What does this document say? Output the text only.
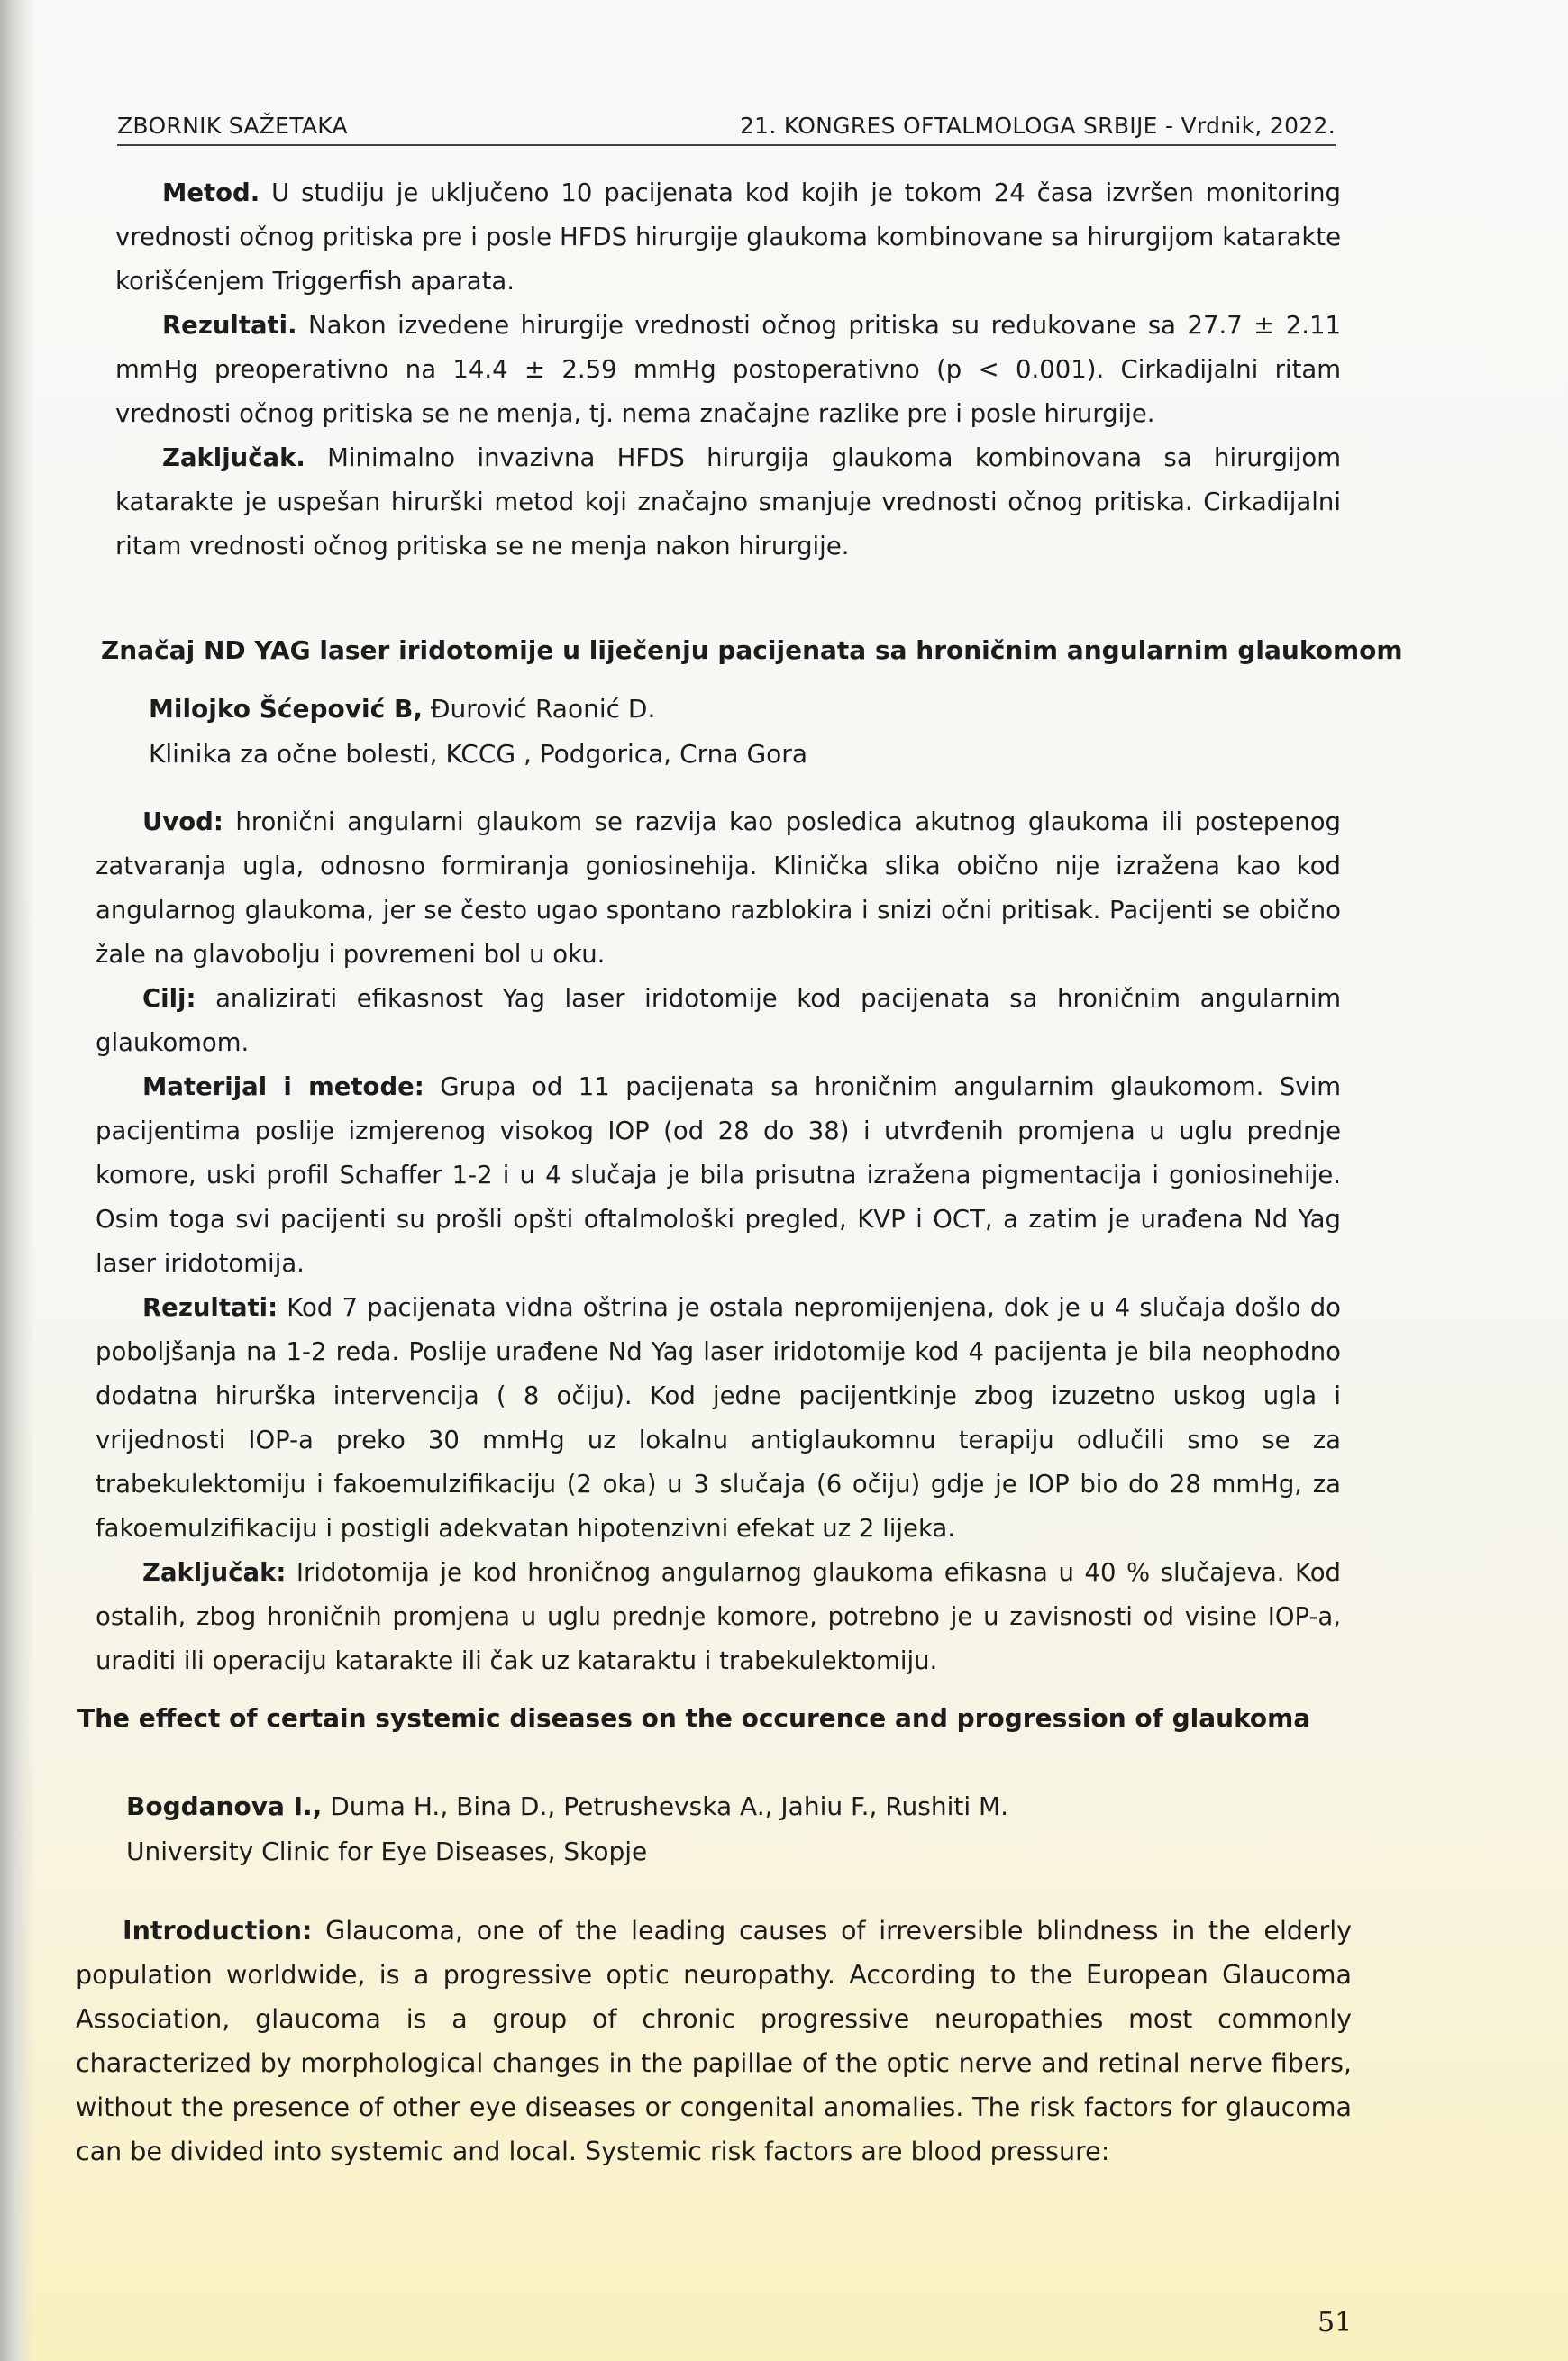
ZBORNIK SAŽETAKA	21. KONGRES OFTALMOLOGA SRBIJE - Vrdnik, 2022.

Metod. U studiju je uključeno 10 pacijenata kod kojih je tokom 24 časa izvršen monitoring vrednosti očnog pritiska pre i posle HFDS hirurgije glaukoma kombinovane sa hirurgijom katarakte korišćenjem Triggerfish aparata.

Rezultati. Nakon izvedene hirurgije vrednosti očnog pritiska su redukovane sa 27.7 ± 2.11 mmHg preoperativno na 14.4 ± 2.59 mmHg postoperativno (p < 0.001). Cirkadijalni ritam vrednosti očnog pritiska se ne menja, tj. nema značajne razlike pre i posle hirurgije.

Zaključak. Minimalno invazivna HFDS hirurgija glaukoma kombinovana sa hirurgijom katarakte je uspešan hirurški metod koji značajno smanjuje vrednosti očnog pritiska. Cirkadijalni ritam vrednosti očnog pritiska se ne menja nakon hirurgije.

Značaj ND YAG laser iridotomije u liječenju pacijenata sa hroničnim angularnim glaukomom
Milojko Šćepović B, Đurović Raonić D.
Klinika za očne bolesti, KCCG , Podgorica, Crna Gora

Uvod: hronični angularni glaukom se razvija kao posledica akutnog glaukoma ili postepenog zatvaranja ugla, odnosno formiranja goniosinehija. Klinička slika obično nije izražena kao kod angularnog glaukoma, jer se često ugao spontano razblokira i snizi očni pritisak. Pacijenti se obično žale na glavobolju i povremeni bol u oku.

Cilj: analizirati efikasnost Yag laser iridotomije kod pacijenata sa hroničnim angularnim glaukomom.

Materijal i metode: Grupa od 11 pacijenata sa hroničnim angularnim glaukomom. Svim pacijentima poslije izmjerenog visokog IOP (od 28 do 38) i utvrđenih promjena u uglu prednje komore, uski profil Schaffer 1-2 i u 4 slučaja je bila prisutna izražena pigmentacija i goniosinehije. Osim toga svi pacijenti su prošli opšti oftalmološki pregled, KVP i OCT, a zatim je urađena Nd Yag laser iridotomija.

Rezultati: Kod 7 pacijenata vidna oštrina je ostala nepromijenjena, dok je u 4 slučaja došlo do poboljšanja na 1-2 reda. Poslije urađene Nd Yag laser iridotomije kod 4 pacijenta je bila neophodno dodatna hirurška intervencija ( 8 očiju). Kod jedne pacijentkinje zbog izuzetno uskog ugla i vrijednosti IOP-a preko 30 mmHg uz lokalnu antiglaukomnu terapiju odlučili smo se za trabekulektomiju i fakoemulzifikaciju (2 oka) u 3 slučaja (6 očiju) gdje je IOP bio do 28 mmHg, za fakoemulzifikaciju i postigli adekvatan hipotenzivni efekat uz 2 lijeka.

Zaključak: Iridotomija je kod hroničnog angularnog glaukoma efikasna u 40 % slučajeva. Kod ostalih, zbog hroničnih promjena u uglu prednje komore, potrebno je u zavisnosti od visine IOP-a, uraditi ili operaciju katarakte ili čak uz kataraktu i trabekulektomiju.

The effect of certain systemic diseases on the occurence and progression of glaukoma
Bogdanova I., Duma H., Bina D., Petrushevska A., Jahiu F., Rushiti M.
University Clinic for Eye Diseases, Skopje

Introduction: Glaucoma, one of the leading causes of irreversible blindness in the elderly population worldwide, is a progressive optic neuropathy. According to the European Glaucoma Association, glaucoma is a group of chronic progressive neuropathies most commonly characterized by morphological changes in the papillae of the optic nerve and retinal nerve fibers, without the presence of other eye diseases or congenital anomalies. The risk factors for glaucoma can be divided into systemic and local. Systemic risk factors are blood pressure:

51
